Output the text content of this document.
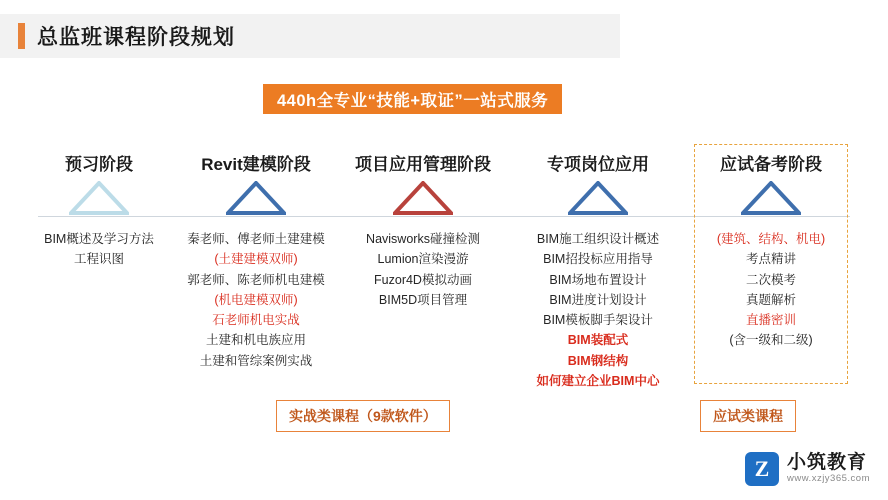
总监班课程阶段规划
440h全专业“技能+取证”一站式服务
预习阶段
BIM概述及学习方法
工程识图
Revit建模阶段
秦老师、傅老师土建建模
(土建建模双师)
郭老师、陈老师机电建模
(机电建模双师)
石老师机电实战
土建和机电族应用
土建和管综案例实战
项目应用管理阶段
Navisworks碰撞检测
Lumion渲染漫游
Fuzor4D模拟动画
BIM5D项目管理
专项岗位应用
BIM施工组织设计概述
BIM招投标应用指导
BIM场地布置设计
BIM进度计划设计
BIM模板脚手架设计
BIM装配式
BIM钢结构
如何建立企业BIM中心
应试备考阶段
(建筑、结构、机电)
考点精讲
二次模考
真题解析
直播密训
(含一级和二级)
实战类课程（9款软件）	应试类课程
Z 小筑教育
www.xzjy365.com
